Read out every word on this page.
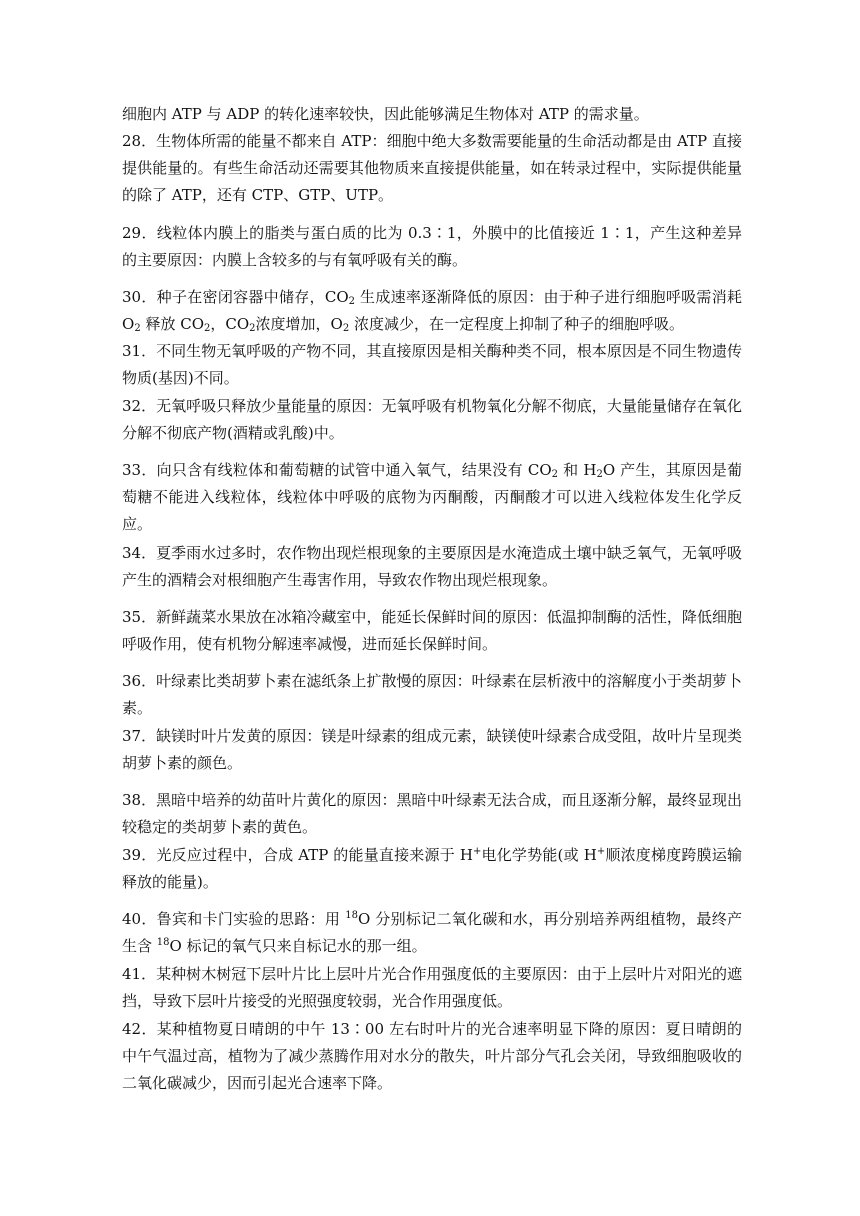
细胞内 ATP 与 ADP 的转化速率较快，因此能够满足生物体对 ATP 的需求量。
28．生物体所需的能量不都来自 ATP：细胞中绝大多数需要能量的生命活动都是由 ATP 直接提供能量的。有些生命活动还需要其他物质来直接提供能量，如在转录过程中，实际提供能量的除了 ATP，还有 CTP、GTP、UTP。
29．线粒体内膜上的脂类与蛋白质的比为 0.3∶1，外膜中的比值接近 1∶1，产生这种差异的主要原因：内膜上含较多的与有氧呼吸有关的酶。
30．种子在密闭容器中储存，$CO_2$ 生成速率逐渐降低的原因：由于种子进行细胞呼吸需消耗 $O_2$ 释放 $CO_2$，$CO_2$浓度增加，$O_2$ 浓度减少，在一定程度上抑制了种子的细胞呼吸。
31．不同生物无氧呼吸的产物不同，其直接原因是相关酶种类不同，根本原因是不同生物遗传物质(基因)不同。
32．无氧呼吸只释放少量能量的原因：无氧呼吸有机物氧化分解不彻底，大量能量储存在氧化分解不彻底产物(酒精或乳酸)中。
33．向只含有线粒体和葡萄糖的试管中通入氧气，结果没有 $CO_2$ 和 $H_2O$ 产生，其原因是葡萄糖不能进入线粒体，线粒体中呼吸的底物为丙酮酸，丙酮酸才可以进入线粒体发生化学反应。
34．夏季雨水过多时，农作物出现烂根现象的主要原因是水淹造成土壤中缺乏氧气，无氧呼吸产生的酒精会对根细胞产生毒害作用，导致农作物出现烂根现象。
35．新鲜蔬菜水果放在冰箱冷藏室中，能延长保鲜时间的原因：低温抑制酶的活性，降低细胞呼吸作用，使有机物分解速率减慢，进而延长保鲜时间。
36．叶绿素比类胡萝卜素在滤纸条上扩散慢的原因：叶绿素在层析液中的溶解度小于类胡萝卜素。
37．缺镁时叶片发黄的原因：镁是叶绿素的组成元素，缺镁使叶绿素合成受阻，故叶片呈现类胡萝卜素的颜色。
38．黑暗中培养的幼苗叶片黄化的原因：黑暗中叶绿素无法合成，而且逐渐分解，最终显现出较稳定的类胡萝卜素的黄色。
39．光反应过程中，合成 ATP 的能量直接来源于 H+电化学势能(或 H+顺浓度梯度跨膜运输释放的能量)。
40．鲁宾和卡门实验的思路：用 $^{18}$O 分别标记二氧化碳和水，再分别培养两组植物，最终产生含 $^{18}$O 标记的氧气只来自标记水的那一组。
41．某种树木树冠下层叶片比上层叶片光合作用强度低的主要原因：由于上层叶片对阳光的遮挡，导致下层叶片接受的光照强度较弱，光合作用强度低。
42．某种植物夏日晴朗的中午 13∶00 左右时叶片的光合速率明显下降的原因：夏日晴朗的中午气温过高，植物为了减少蒸腾作用对水分的散失，叶片部分气孔会关闭，导致细胞吸收的二氧化碳减少，因而引起光合速率下降。
